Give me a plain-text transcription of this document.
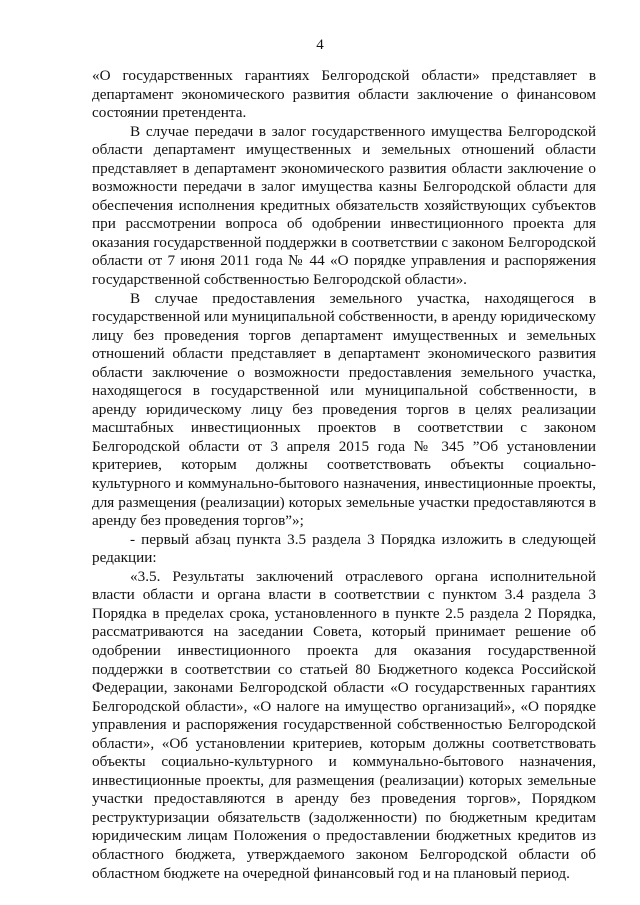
4

«О государственных гарантиях Белгородской области» представляет в департамент экономического развития области заключение о финансовом состоянии претендента.

В случае передачи в залог государственного имущества Белгородской области департамент имущественных и земельных отношений области представляет в департамент экономического развития области заключение о возможности передачи в залог имущества казны Белгородской области для обеспечения исполнения кредитных обязательств хозяйствующих субъектов при рассмотрении вопроса об одобрении инвестиционного проекта для оказания государственной поддержки в соответствии с законом Белгородской области от 7 июня 2011 года № 44 «О порядке управления и распоряжения государственной собственностью Белгородской области».

В случае предоставления земельного участка, находящегося в государственной или муниципальной собственности, в аренду юридическому лицу без проведения торгов департамент имущественных и земельных отношений области представляет в департамент экономического развития области заключение о возможности предоставления земельного участка, находящегося в государственной или муниципальной собственности, в аренду юридическому лицу без проведения торгов в целях реализации масштабных инвестиционных проектов в соответствии с законом Белгородской области от 3 апреля 2015 года № 345 ”Об установлении критериев, которым должны соответствовать объекты социально-культурного и коммунально-бытового назначения, инвестиционные проекты, для размещения (реализации) которых земельные участки предоставляются в аренду без проведения торгов”»;

- первый абзац пункта 3.5 раздела 3 Порядка изложить в следующей редакции:

«3.5. Результаты заключений отраслевого органа исполнительной власти области и органа власти в соответствии с пунктом 3.4 раздела 3 Порядка в пределах срока, установленного в пункте 2.5 раздела 2 Порядка, рассматриваются на заседании Совета, который принимает решение об одобрении инвестиционного проекта для оказания государственной поддержки в соответствии со статьей 80 Бюджетного кодекса Российской Федерации, законами Белгородской области «О государственных гарантиях Белгородской области», «О налоге на имущество организаций», «О порядке управления и распоряжения государственной собственностью Белгородской области», «Об установлении критериев, которым должны соответствовать объекты социально-культурного и коммунально-бытового назначения, инвестиционные проекты, для размещения (реализации) которых земельные участки предоставляются в аренду без проведения торгов», Порядком реструктуризации обязательств (задолженности) по бюджетным кредитам юридическим лицам Положения о предоставлении бюджетных кредитов из областного бюджета, утверждаемого законом Белгородской области об областном бюджете на очередной финансовый год и на плановый период.
